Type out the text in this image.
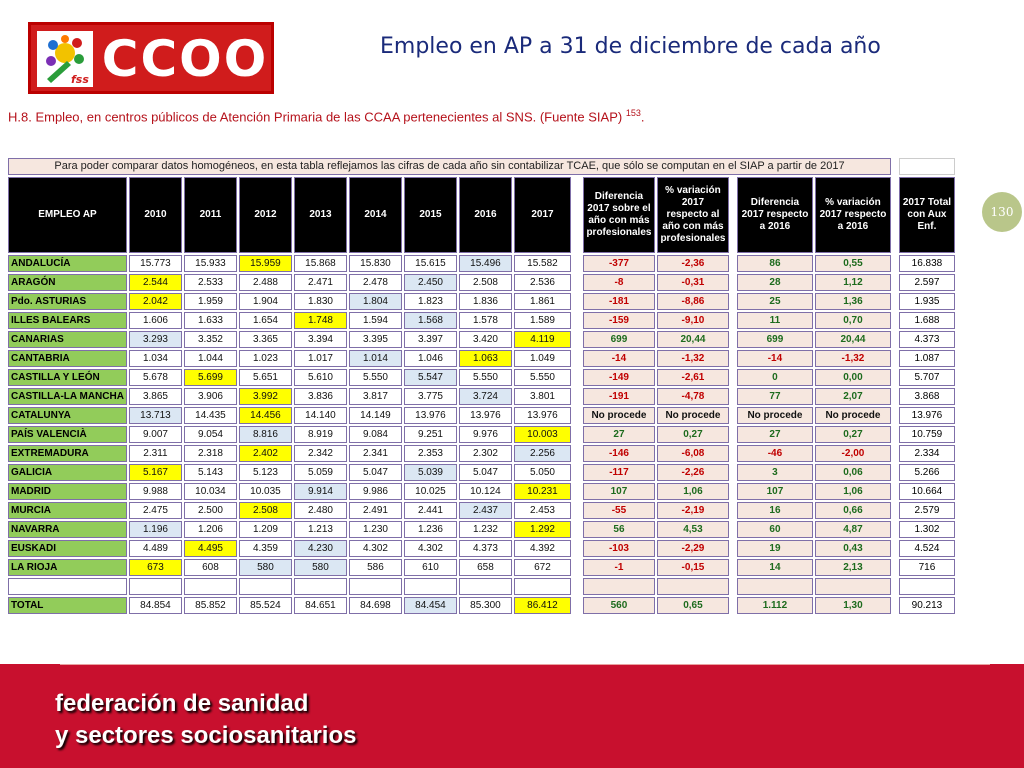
fss CCOO	Empleo en AP a 31 de diciembre de cada año
H.8. Empleo, en centros públicos de Atención Primaria de las CCAA pertenecientes al SNS. (Fuente SIAP) $^{153}$.
130
Para poder comparar datos homogéneos, en esta tabla reflejamos las cifras de cada año sin contabilizar TCAE, que sólo se computan en el SIAP a partir de 2017																
EMPLEO AP	2010	2011	2012	2013	2014	2015	2016	2017		Diferencia 2017 sobre el año con más profesionales	% variación 2017 respecto al año con más profesionales		Diferencia 2017 respecto a 2016	% variación 2017 respecto a 2016		2017 Total con Aux Enf.
ANDALUCÍA	15.773	15.933	15.959	15.868	15.830	15.615	15.496	15.582		-377	-2,36		86	0,55		16.838
ARAGÓN	2.544	2.533	2.488	2.471	2.478	2.450	2.508	2.536		-8	-0,31		28	1,12		2.597
Pdo. ASTURIAS	2.042	1.959	1.904	1.830	1.804	1.823	1.836	1.861		-181	-8,86		25	1,36		1.935
ILLES BALEARS	1.606	1.633	1.654	1.748	1.594	1.568	1.578	1.589		-159	-9,10		11	0,70		1.688
CANARIAS	3.293	3.352	3.365	3.394	3.395	3.397	3.420	4.119		699	20,44		699	20,44		4.373
CANTABRIA	1.034	1.044	1.023	1.017	1.014	1.046	1.063	1.049		-14	-1,32		-14	-1,32		1.087
CASTILLA Y LEÓN	5.678	5.699	5.651	5.610	5.550	5.547	5.550	5.550		-149	-2,61		0	0,00		5.707
CASTILLA-LA MANCHA	3.865	3.906	3.992	3.836	3.817	3.775	3.724	3.801		-191	-4,78		77	2,07		3.868
CATALUNYA	13.713	14.435	14.456	14.140	14.149	13.976	13.976	13.976		No procede	No procede		No procede	No procede		13.976
PAÍS VALENCIÀ	9.007	9.054	8.816	8.919	9.084	9.251	9.976	10.003		27	0,27		27	0,27		10.759
EXTREMADURA	2.311	2.318	2.402	2.342	2.341	2.353	2.302	2.256		-146	-6,08		-46	-2,00		2.334
GALICIA	5.167	5.143	5.123	5.059	5.047	5.039	5.047	5.050		-117	-2,26		3	0,06		5.266
MADRID	9.988	10.034	10.035	9.914	9.986	10.025	10.124	10.231		107	1,06		107	1,06		10.664
MURCIA	2.475	2.500	2.508	2.480	2.491	2.441	2.437	2.453		-55	-2,19		16	0,66		2.579
NAVARRA	1.196	1.206	1.209	1.213	1.230	1.236	1.232	1.292		56	4,53		60	4,87		1.302
EUSKADI	4.489	4.495	4.359	4.230	4.302	4.302	4.373	4.392		-103	-2,29		19	0,43		4.524
LA RIOJA	673	608	580	580	586	610	658	672		-1	-0,15		14	2,13		716

TOTAL	84.854	85.852	85.524	84.651	84.698	84.454	85.300	86.412		560	0,65		1.112	1,30		90.213
federación de sanidad
y sectores sociosanitarios
